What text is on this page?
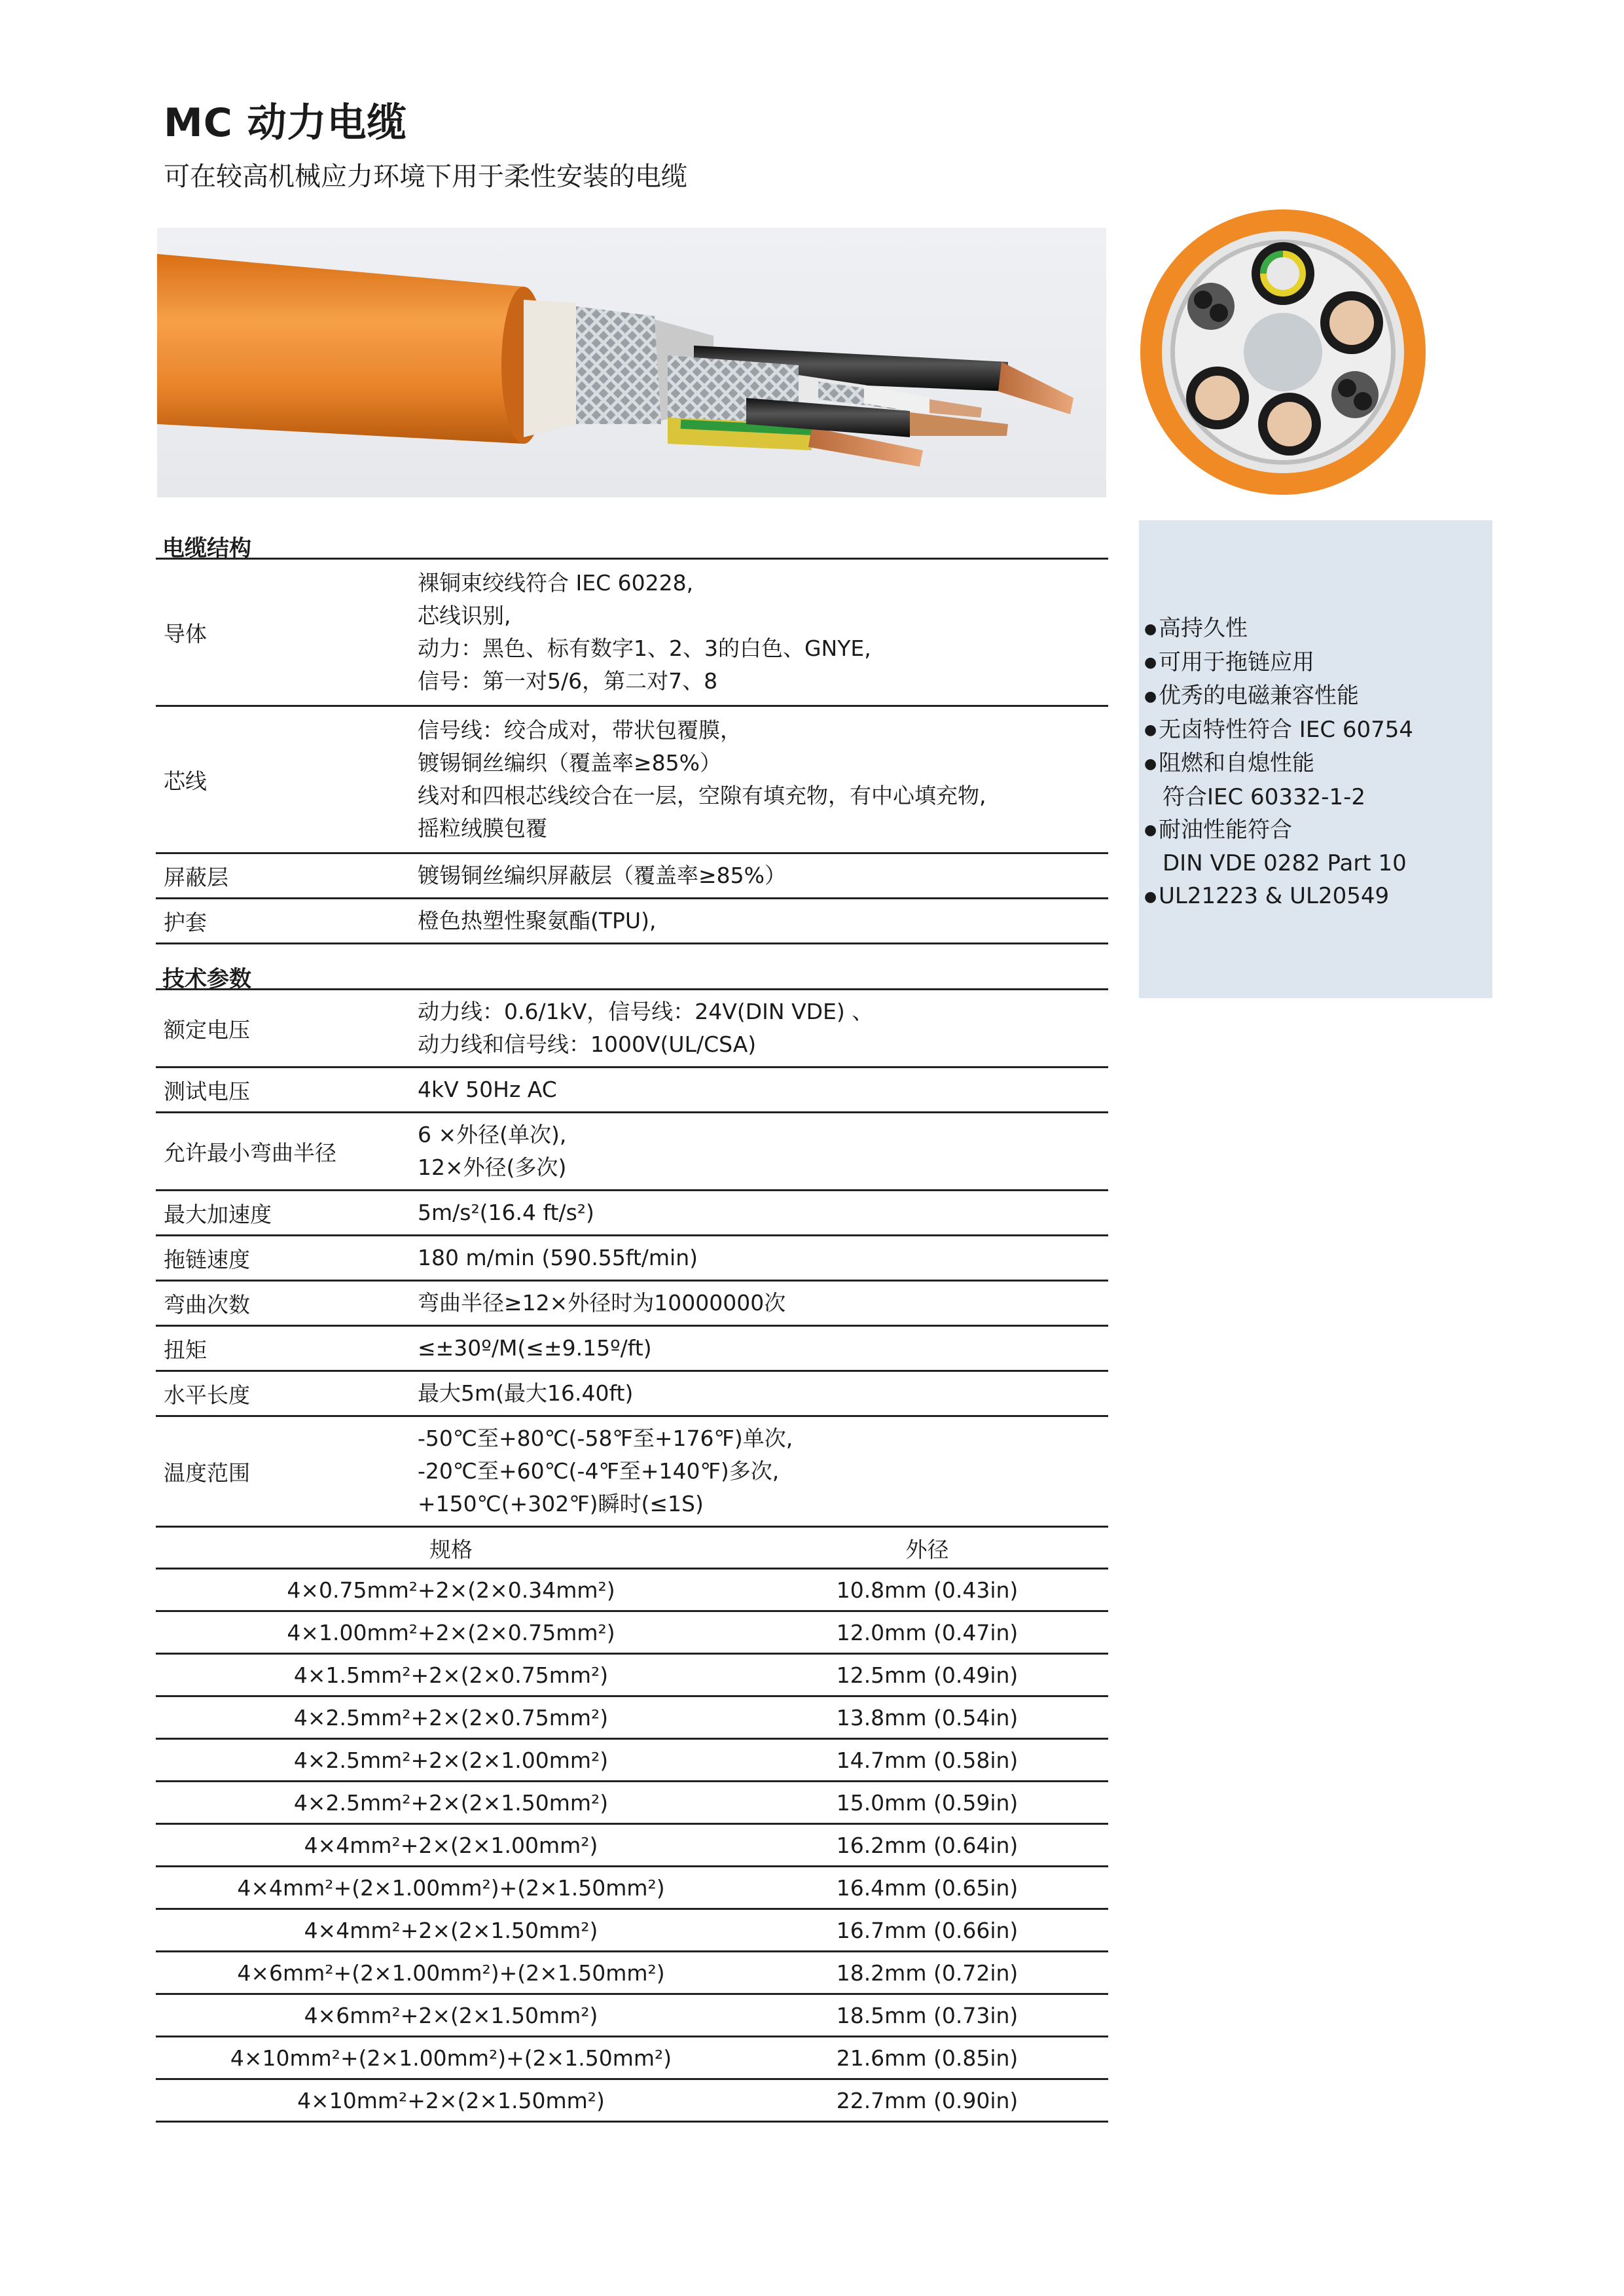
MC 动力电缆
可在较高机械应力环境下用于柔性安装的电缆
●高持久性
●可用于拖链应用
●优秀的电磁兼容性能
●无卤特性符合 IEC 60754
●阻燃和自熄性能
符合IEC 60332-1-2
●耐油性能符合
DIN VDE 0282 Part 10
●UL21223 & UL20549
电缆结构
导体	裸铜束绞线符合 IEC 60228,
芯线识别,
动力：黑色、标有数字1、2、3的白色、GNYE,
信号：第一对5/6，第二对7、8

芯线	信号线：绞合成对，带状包覆膜，
镀锡铜丝编织（覆盖率≥85%）
线对和四根芯线绞合在一层，空隙有填充物，有中心填充物,
摇粒绒膜包覆

屏蔽层	镀锡铜丝编织屏蔽层（覆盖率≥85%）

护套	橙色热塑性聚氨酯(TPU),
技术参数
额定电压	动力线：0.6/1kV，信号线：24V(DIN VDE) 、
动力线和信号线：1000V(UL/CSA)

测试电压	4kV 50Hz AC

允许最小弯曲半径	6 ×外径(单次),
12×外径(多次)

最大加速度	5m/s²(16.4 ft/s²)

拖链速度	180 m/min (590.55ft/min)

弯曲次数	弯曲半径≥12×外径时为10000000次

扭矩	≤±30º/M(≤±9.15º/ft)

水平长度	最大5m(最大16.40ft)

温度范围	-50℃至+80℃(-58℉至+176℉)单次,
-20℃至+60℃(-4℉至+140℉)多次,
+150℃(+302℉)瞬时(≤1S)
规格	外径
4×0.75mm²+2×(2×0.34mm²)	10.8mm (0.43in)
4×1.00mm²+2×(2×0.75mm²)	12.0mm (0.47in)
4×1.5mm²+2×(2×0.75mm²)	12.5mm (0.49in)
4×2.5mm²+2×(2×0.75mm²)	13.8mm (0.54in)
4×2.5mm²+2×(2×1.00mm²)	14.7mm (0.58in)
4×2.5mm²+2×(2×1.50mm²)	15.0mm (0.59in)
4×4mm²+2×(2×1.00mm²)	16.2mm (0.64in)
4×4mm²+(2×1.00mm²)+(2×1.50mm²)	16.4mm (0.65in)
4×4mm²+2×(2×1.50mm²)	16.7mm (0.66in)
4×6mm²+(2×1.00mm²)+(2×1.50mm²)	18.2mm (0.72in)
4×6mm²+2×(2×1.50mm²)	18.5mm (0.73in)
4×10mm²+(2×1.00mm²)+(2×1.50mm²)	21.6mm (0.85in)
4×10mm²+2×(2×1.50mm²)	22.7mm (0.90in)
